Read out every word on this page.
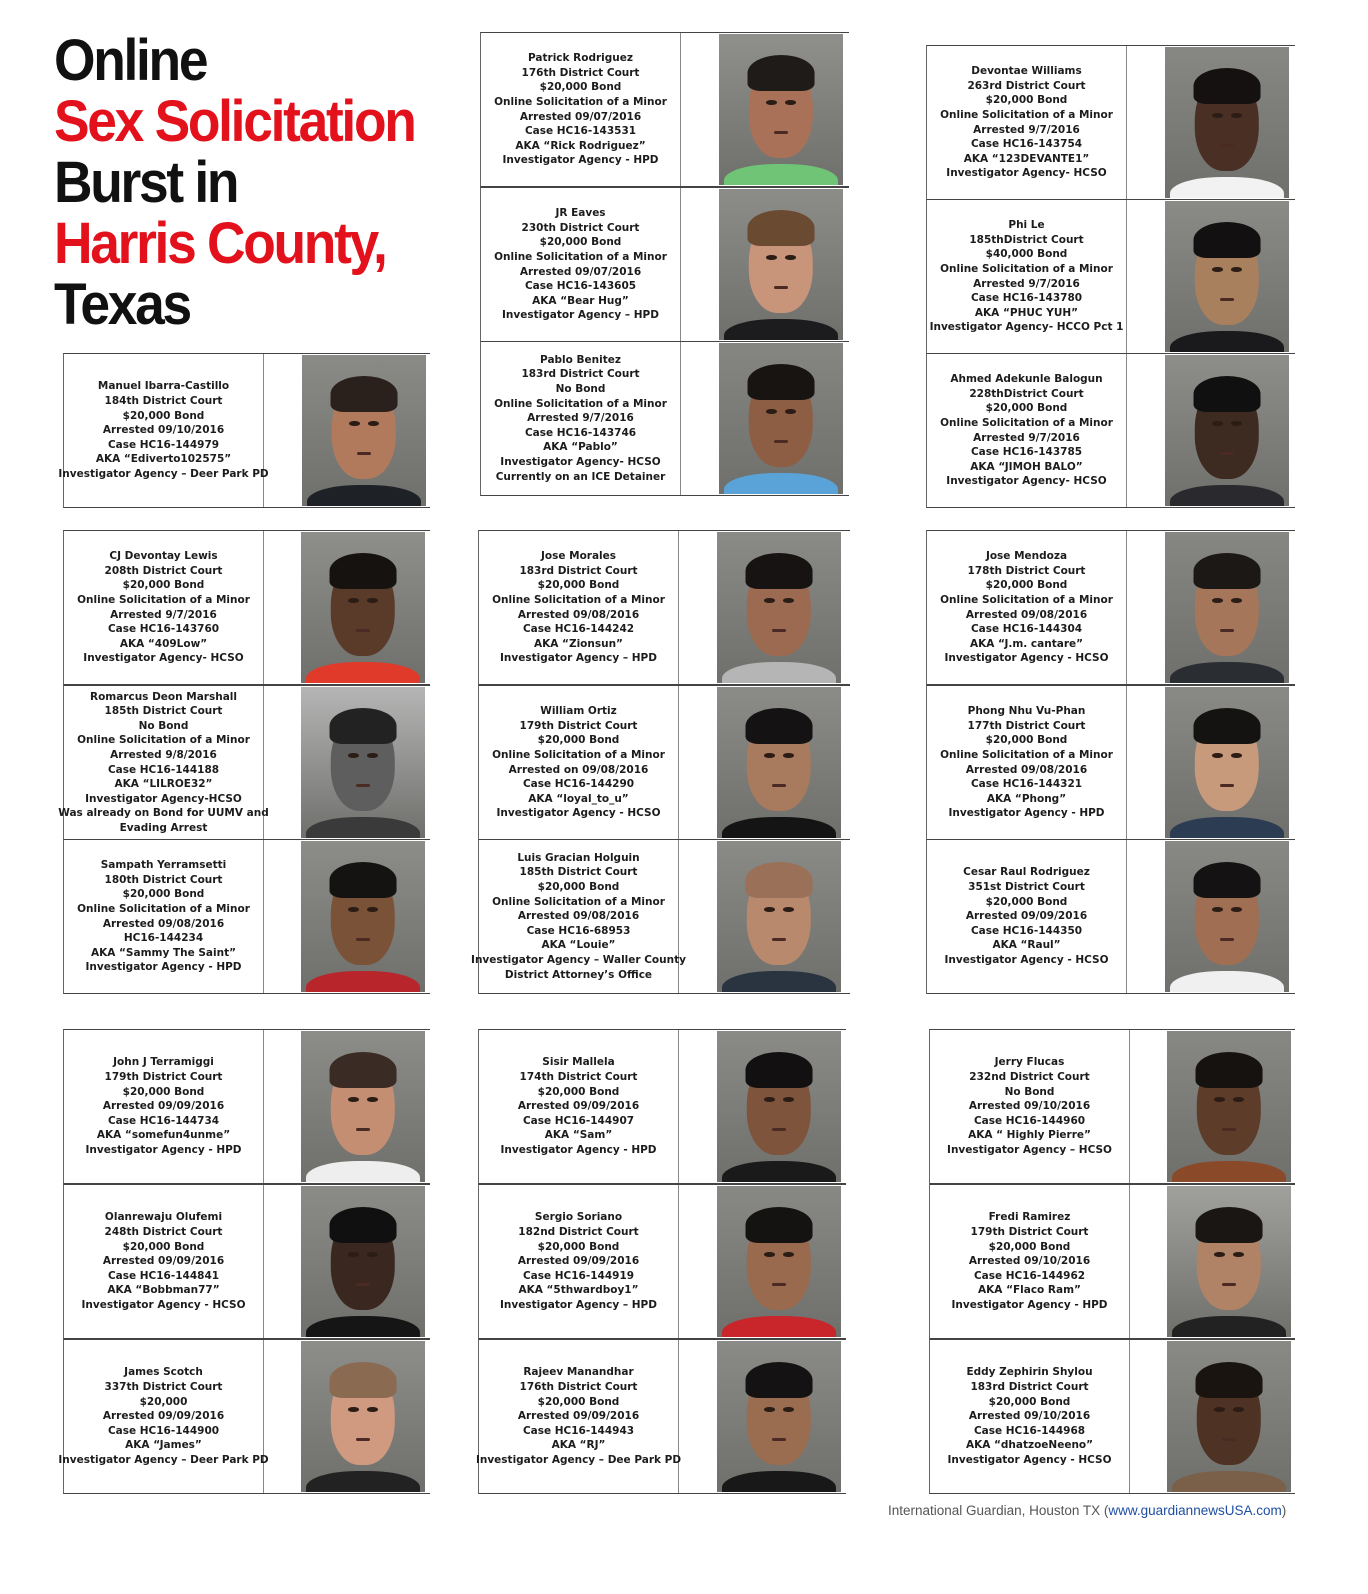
Online
Sex Solicitation
Burst in
Harris County,
Texas
Manuel Ibarra-Castillo
184th District Court
$20,000 Bond
Arrested 09/10/2016
Case HC16-144979
AKA “Ediverto102575”
Investigator Agency – Deer Park PD
Patrick Rodriguez
176th District Court
$20,000 Bond
Online Solicitation of a Minor
Arrested 09/07/2016
Case HC16-143531
AKA “Rick Rodriguez”
Investigator Agency - HPD
JR Eaves
230th District Court
$20,000 Bond
Online Solicitation of a Minor
Arrested 09/07/2016
Case HC16-143605
AKA “Bear Hug”
Investigator Agency – HPD
Pablo Benitez
183rd District Court
No Bond
Online Solicitation of a Minor
Arrested 9/7/2016
Case HC16-143746
AKA “Pablo”
Investigator Agency- HCSO
Currently on an ICE Detainer
Devontae Williams
263rd District Court
$20,000 Bond
Online Solicitation of a Minor
Arrested 9/7/2016
Case HC16-143754
AKA “123DEVANTE1”
Investigator Agency- HCSO
Phi Le
185thDistrict Court
$40,000 Bond
Online Solicitation of a Minor
Arrested 9/7/2016
Case HC16-143780
AKA “PHUC YUH”
Investigator Agency- HCCO Pct 1
Ahmed Adekunle Balogun
228thDistrict Court
$20,000 Bond
Online Solicitation of a Minor
Arrested 9/7/2016
Case HC16-143785
AKA “JIMOH BALO”
Investigator Agency- HCSO
CJ Devontay Lewis
208th District Court
$20,000 Bond
Online Solicitation of a Minor
Arrested 9/7/2016
Case HC16-143760
AKA “409Low”
Investigator Agency- HCSO
Jose Morales
183rd District Court
$20,000 Bond
Online Solicitation of a Minor
Arrested 09/08/2016
Case HC16-144242
AKA “Zionsun”
Investigator Agency – HPD
Jose Mendoza
178th District Court
$20,000 Bond
Online Solicitation of a Minor
Arrested 09/08/2016
Case HC16-144304
AKA “J.m. cantare”
Investigator Agency - HCSO
Romarcus Deon Marshall
185th District Court
No Bond
Online Solicitation of a Minor
Arrested 9/8/2016
Case HC16-144188
AKA “LILROE32”
Investigator Agency-HCSO
Was already on Bond for UUMV and
Evading Arrest
William Ortiz
179th District Court
$20,000 Bond
Online Solicitation of a Minor
Arrested on 09/08/2016
Case HC16-144290
AKA “loyal_to_u”
Investigator Agency - HCSO
Phong Nhu Vu-Phan
177th District Court
$20,000 Bond
Online Solicitation of a Minor
Arrested 09/08/2016
Case HC16-144321
AKA “Phong”
Investigator Agency - HPD
Sampath Yerramsetti
180th District Court
$20,000 Bond
Online Solicitation of a Minor
Arrested 09/08/2016
HC16-144234
AKA “Sammy The Saint”
Investigator Agency - HPD
Luis Gracian Holguin
185th District Court
$20,000 Bond
Online Solicitation of a Minor
Arrested 09/08/2016
Case HC16-68953
AKA “Louie”
Investigator Agency – Waller County
District Attorney’s Office
Cesar Raul Rodriguez
351st District Court
$20,000 Bond
Arrested 09/09/2016
Case HC16-144350
AKA “Raul”
Investigator Agency - HCSO
John J Terramiggi
179th District Court
$20,000 Bond
Arrested 09/09/2016
Case HC16-144734
AKA “somefun4unme”
Investigator Agency - HPD
Sisir Mallela
174th District Court
$20,000 Bond
Arrested 09/09/2016
Case HC16-144907
AKA “Sam”
Investigator Agency - HPD
Jerry Flucas
232nd District Court
No Bond
Arrested 09/10/2016
Case HC16-144960
AKA “ Highly Pierre”
Investigator Agency – HCSO
Olanrewaju Olufemi
248th District Court
$20,000 Bond
Arrested 09/09/2016
Case HC16-144841
AKA “Bobbman77”
Investigator Agency - HCSO
Sergio Soriano
182nd District Court
$20,000 Bond
Arrested 09/09/2016
Case HC16-144919
AKA “5thwardboy1”
Investigator Agency – HPD
Fredi Ramirez
179th District Court
$20,000 Bond
Arrested 09/10/2016
Case HC16-144962
AKA “Flaco Ram”
Investigator Agency - HPD
James Scotch
337th District Court
$20,000
Arrested 09/09/2016
Case HC16-144900
AKA “James”
Investigator Agency – Deer Park PD
Rajeev Manandhar
176th District Court
$20,000 Bond
Arrested 09/09/2016
Case HC16-144943
AKA “RJ”
Investigator Agency – Dee Park PD
Eddy Zephirin Shylou
183rd District Court
$20,000 Bond
Arrested 09/10/2016
Case HC16-144968
AKA “dhatzoeNeeno”
Investigator Agency - HCSO
International Guardian, Houston TX (www.guardiannewsUSA.com)
